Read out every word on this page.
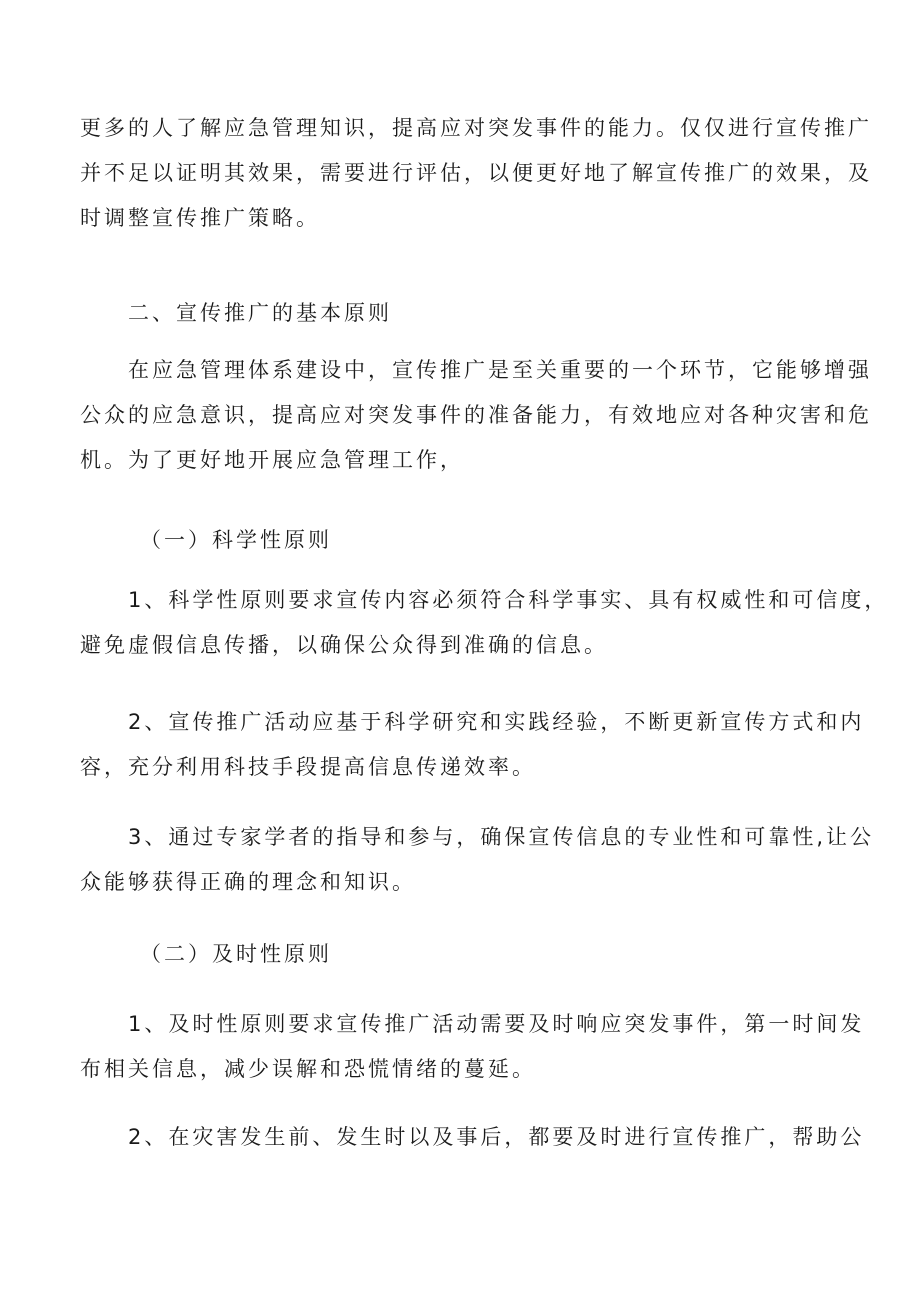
更多的人了解应急管理知识，提高应对突发事件的能力。仅仅进行宣传推广
并不足以证明其效果，需要进行评估，以便更好地了解宣传推广的效果，及
时调整宣传推广策略。

二、宣传推广的基本原则

在应急管理体系建设中，宣传推广是至关重要的一个环节，它能够增强
公众的应急意识，提高应对突发事件的准备能力，有效地应对各种灾害和危
机。为了更好地开展应急管理工作，

（一）科学性原则

1、科学性原则要求宣传内容必须符合科学事实、具有权威性和可信度，
避免虚假信息传播，以确保公众得到准确的信息。

2、宣传推广活动应基于科学研究和实践经验，不断更新宣传方式和内
容，充分利用科技手段提高信息传递效率。

3、通过专家学者的指导和参与，确保宣传信息的专业性和可靠性,让公
众能够获得正确的理念和知识。

（二）及时性原则

1、及时性原则要求宣传推广活动需要及时响应突发事件，第一时间发
布相关信息，减少误解和恐慌情绪的蔓延。

2、在灾害发生前、发生时以及事后，都要及时进行宣传推广，帮助公
